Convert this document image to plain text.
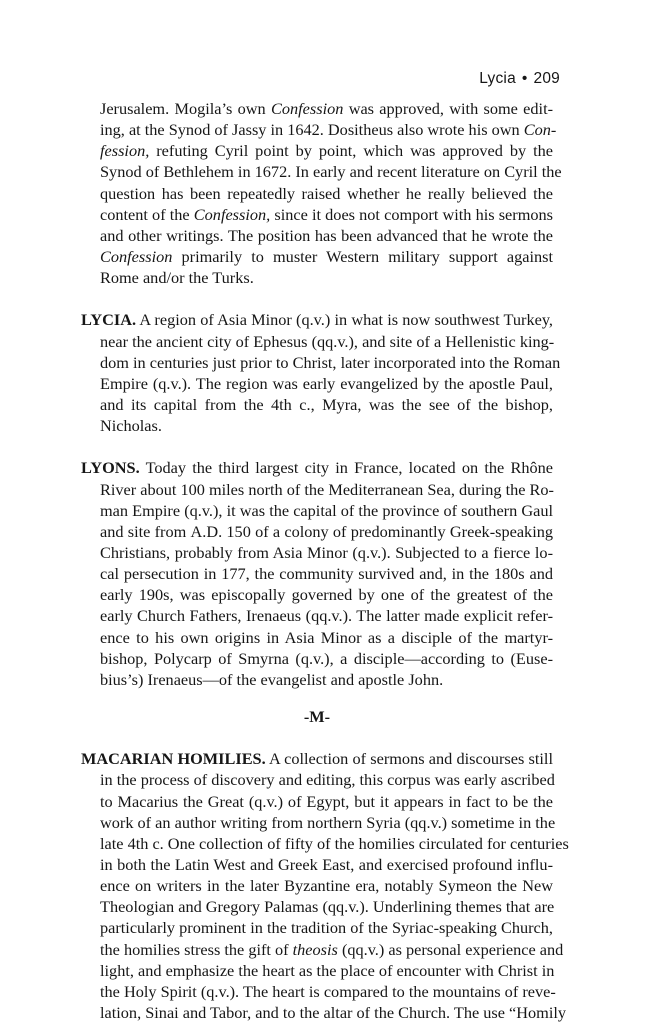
Lycia • 209

Jerusalem. Mogila’s own Confession was approved, with some edit-
ing, at the Synod of Jassy in 1642. Dositheus also wrote his own Con-
fession, refuting Cyril point by point, which was approved by the
Synod of Bethlehem in 1672. In early and recent literature on Cyril the
question has been repeatedly raised whether he really believed the
content of the Confession, since it does not comport with his sermons
and other writings. The position has been advanced that he wrote the
Confession primarily to muster Western military support against
Rome and/or the Turks.

LYCIA. A region of Asia Minor (q.v.) in what is now southwest Turkey,
near the ancient city of Ephesus (qq.v.), and site of a Hellenistic king-
dom in centuries just prior to Christ, later incorporated into the Roman
Empire (q.v.). The region was early evangelized by the apostle Paul,
and its capital from the 4th c., Myra, was the see of the bishop,
Nicholas.

LYONS. Today the third largest city in France, located on the Rhône
River about 100 miles north of the Mediterranean Sea, during the Ro-
man Empire (q.v.), it was the capital of the province of southern Gaul
and site from A.D. 150 of a colony of predominantly Greek-speaking
Christians, probably from Asia Minor (q.v.). Subjected to a fierce lo-
cal persecution in 177, the community survived and, in the 180s and
early 190s, was episcopally governed by one of the greatest of the
early Church Fathers, Irenaeus (qq.v.). The latter made explicit refer-
ence to his own origins in Asia Minor as a disciple of the martyr-
bishop, Polycarp of Smyrna (q.v.), a disciple—according to (Euse-
bius’s) Irenaeus—of the evangelist and apostle John.

-M-

MACARIAN HOMILIES. A collection of sermons and discourses still
in the process of discovery and editing, this corpus was early ascribed
to Macarius the Great (q.v.) of Egypt, but it appears in fact to be the
work of an author writing from northern Syria (qq.v.) sometime in the
late 4th c. One collection of fifty of the homilies circulated for centuries
in both the Latin West and Greek East, and exercised profound influ-
ence on writers in the later Byzantine era, notably Symeon the New
Theologian and Gregory Palamas (qq.v.). Underlining themes that are
particularly prominent in the tradition of the Syriac-speaking Church,
the homilies stress the gift of theosis (qq.v.) as personal experience and
light, and emphasize the heart as the place of encounter with Christ in
the Holy Spirit (q.v.). The heart is compared to the mountains of reve-
lation, Sinai and Tabor, and to the altar of the Church. The use “Homily
